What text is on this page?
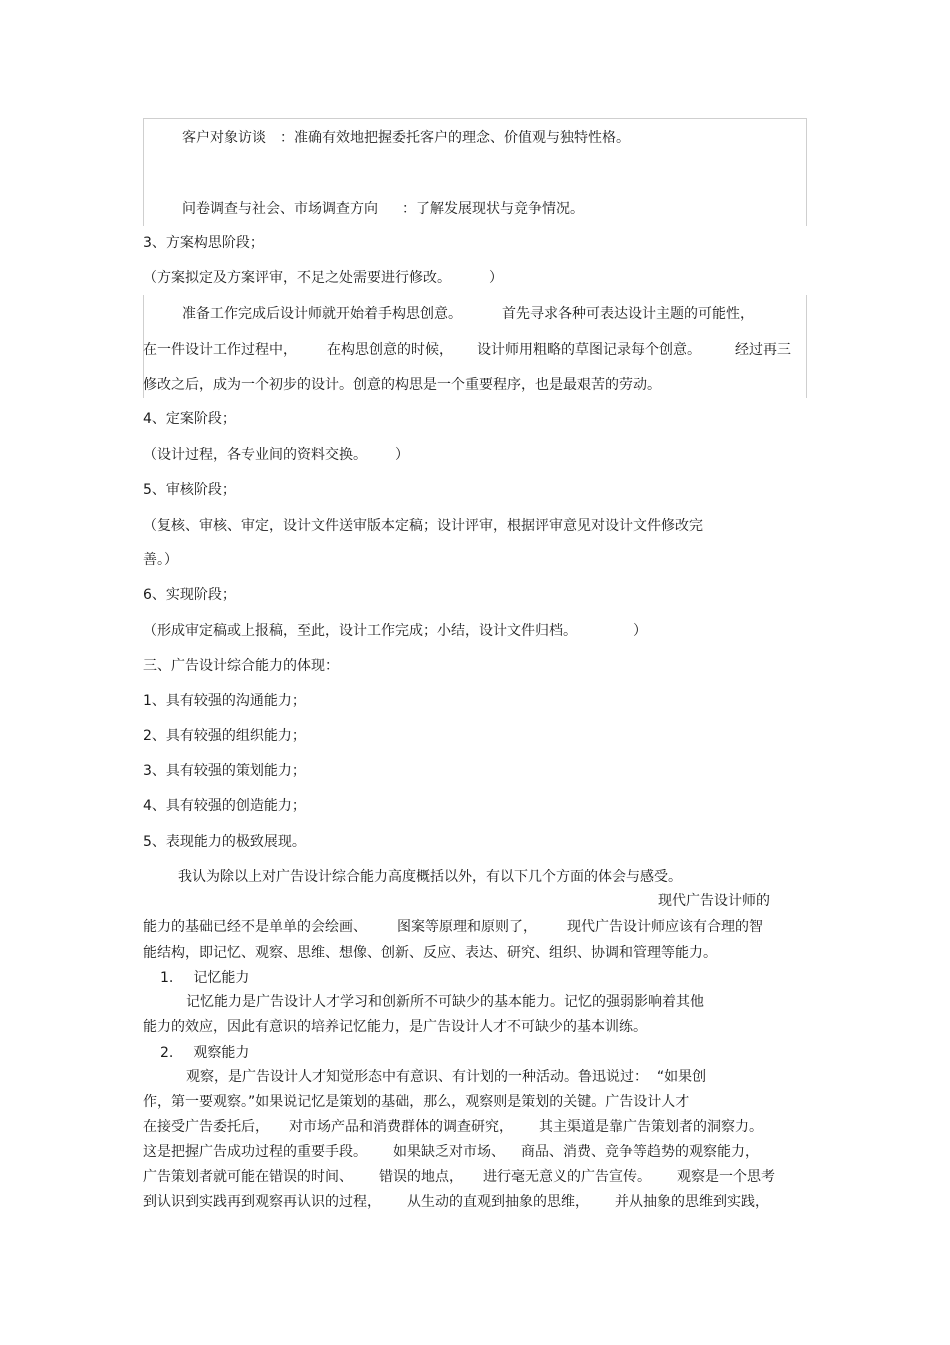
客户对象访谈 ：准确有效地把握委托客户的理念、价值观与独特性格。
问卷调查与社会、市场调查方向 ：了解发展现状与竞争情况。
3、方案构思阶段；
（方案拟定及方案评审，不足之处需要进行修改。	）
准备工作完成后设计师就开始着手构思创意。	首先寻求各种可表达设计主题的可能性，
在一件设计工作过程中， 在构思创意的时候， 设计师用粗略的草图记录每个创意。 经过再三
修改之后，成为一个初步的设计。创意的构思是一个重要程序，也是最艰苦的劳动。
4、定案阶段；
（设计过程，各专业间的资料交换。 ）
5、审核阶段；
（复核、审核、审定，设计文件送审版本定稿；设计评审，根据评审意见对设计文件修改完
善。）
6、实现阶段；
（形成审定稿或上报稿，至此，设计工作完成；小结，设计文件归档。	）
三、广告设计综合能力的体现：
1、具有较强的沟通能力；
2、具有较强的组织能力；
3、具有较强的策划能力；
4、具有较强的创造能力；
5、表现能力的极致展现。
我认为除以上对广告设计综合能力高度概括以外，有以下几个方面的体会与感受。
现代广告设计师的
能力的基础已经不是单单的会绘画、 图案等原理和原则了， 现代广告设计师应该有合理的智
能结构，即记忆、观察、思维、想像、创新、反应、表达、研究、组织、协调和管理等能力。
1. 记忆能力
记忆能力是广告设计人才学习和创新所不可缺少的基本能力。记忆的强弱影响着其他
能力的效应，因此有意识的培养记忆能力，是广告设计人才不可缺少的基本训练。
2. 观察能力
观察，是广告设计人才知觉形态中有意识、有计划的一种活动。鲁迅说过：  “如果创
作，第一要观察。”如果说记忆是策划的基础，那么，观察则是策划的关键。广告设计人才
在接受广告委托后， 对市场产品和消费群体的调查研究， 其主渠道是靠广告策划者的洞察力。
这是把握广告成功过程的重要手段。 如果缺乏对市场、 商品、消费、竞争等趋势的观察能力，
广告策划者就可能在错误的时间、 错误的地点， 进行毫无意义的广告宣传。 观察是一个思考
到认识到实践再到观察再认识的过程， 从生动的直观到抽象的思维， 并从抽象的思维到实践，
